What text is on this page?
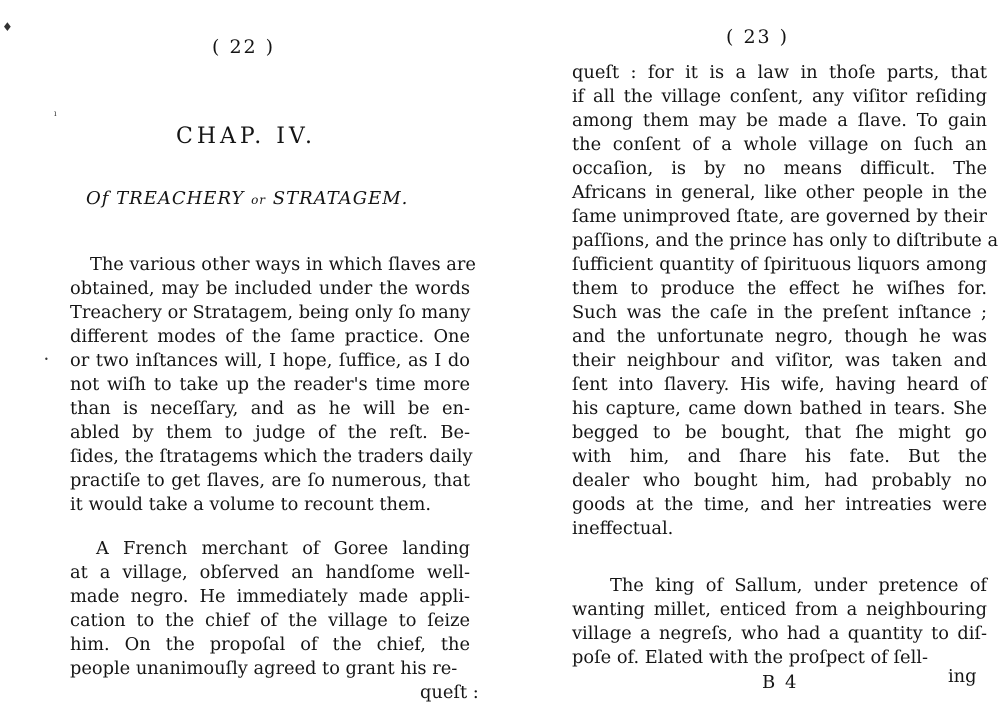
♦
ı
•
( 22 )
CHAP. IV.
Of TREACHERY or STRATAGEM.
The various other ways in which ſlaves are
obtained, may be included under the words
Treachery or Stratagem, being only ſo many
different modes of the ſame practice. One
or two inſtances will, I hope, ſuffice, as I do
not wiſh to take up the reader's time more
than is neceſſary, and as he will be en-
abled by them to judge of the reſt. Be-
ſides, the ſtratagems which the traders daily
practiſe to get ſlaves, are ſo numerous, that
it would take a volume to recount them.
A French merchant of Goree landing
at a village, obſerved an handſome well-
made negro. He immediately made appli-
cation to the chief of the village to ſeize
him. On the propoſal of the chief, the
people unanimouſly agreed to grant his re-
queſt :
( 23 )
queſt : for it is a law in thoſe parts, that
if all the village conſent, any viſitor reſiding
among them may be made a ſlave. To gain
the conſent of a whole village on ſuch an
occaſion, is by no means difficult. The
Africans in general, like other people in the
ſame unimproved ſtate, are governed by their
paſſions, and the prince has only to diſtribute a
ſufficient quantity of ſpirituous liquors among
them to produce the effect he wiſhes for.
Such was the caſe in the preſent inſtance ;
and the unfortunate negro, though he was
their neighbour and viſitor, was taken and
ſent into ſlavery. His wife, having heard of
his capture, came down bathed in tears. She
begged to be bought, that ſhe might go
with him, and ſhare his fate. But the
dealer who bought him, had probably no
goods at the time, and her intreaties were
ineffectual.
The king of Sallum, under pretence of
wanting millet, enticed from a neighbouring
village a negreſs, who had a quantity to diſ-
poſe of. Elated with the proſpect of ſell-
B 4	ing
